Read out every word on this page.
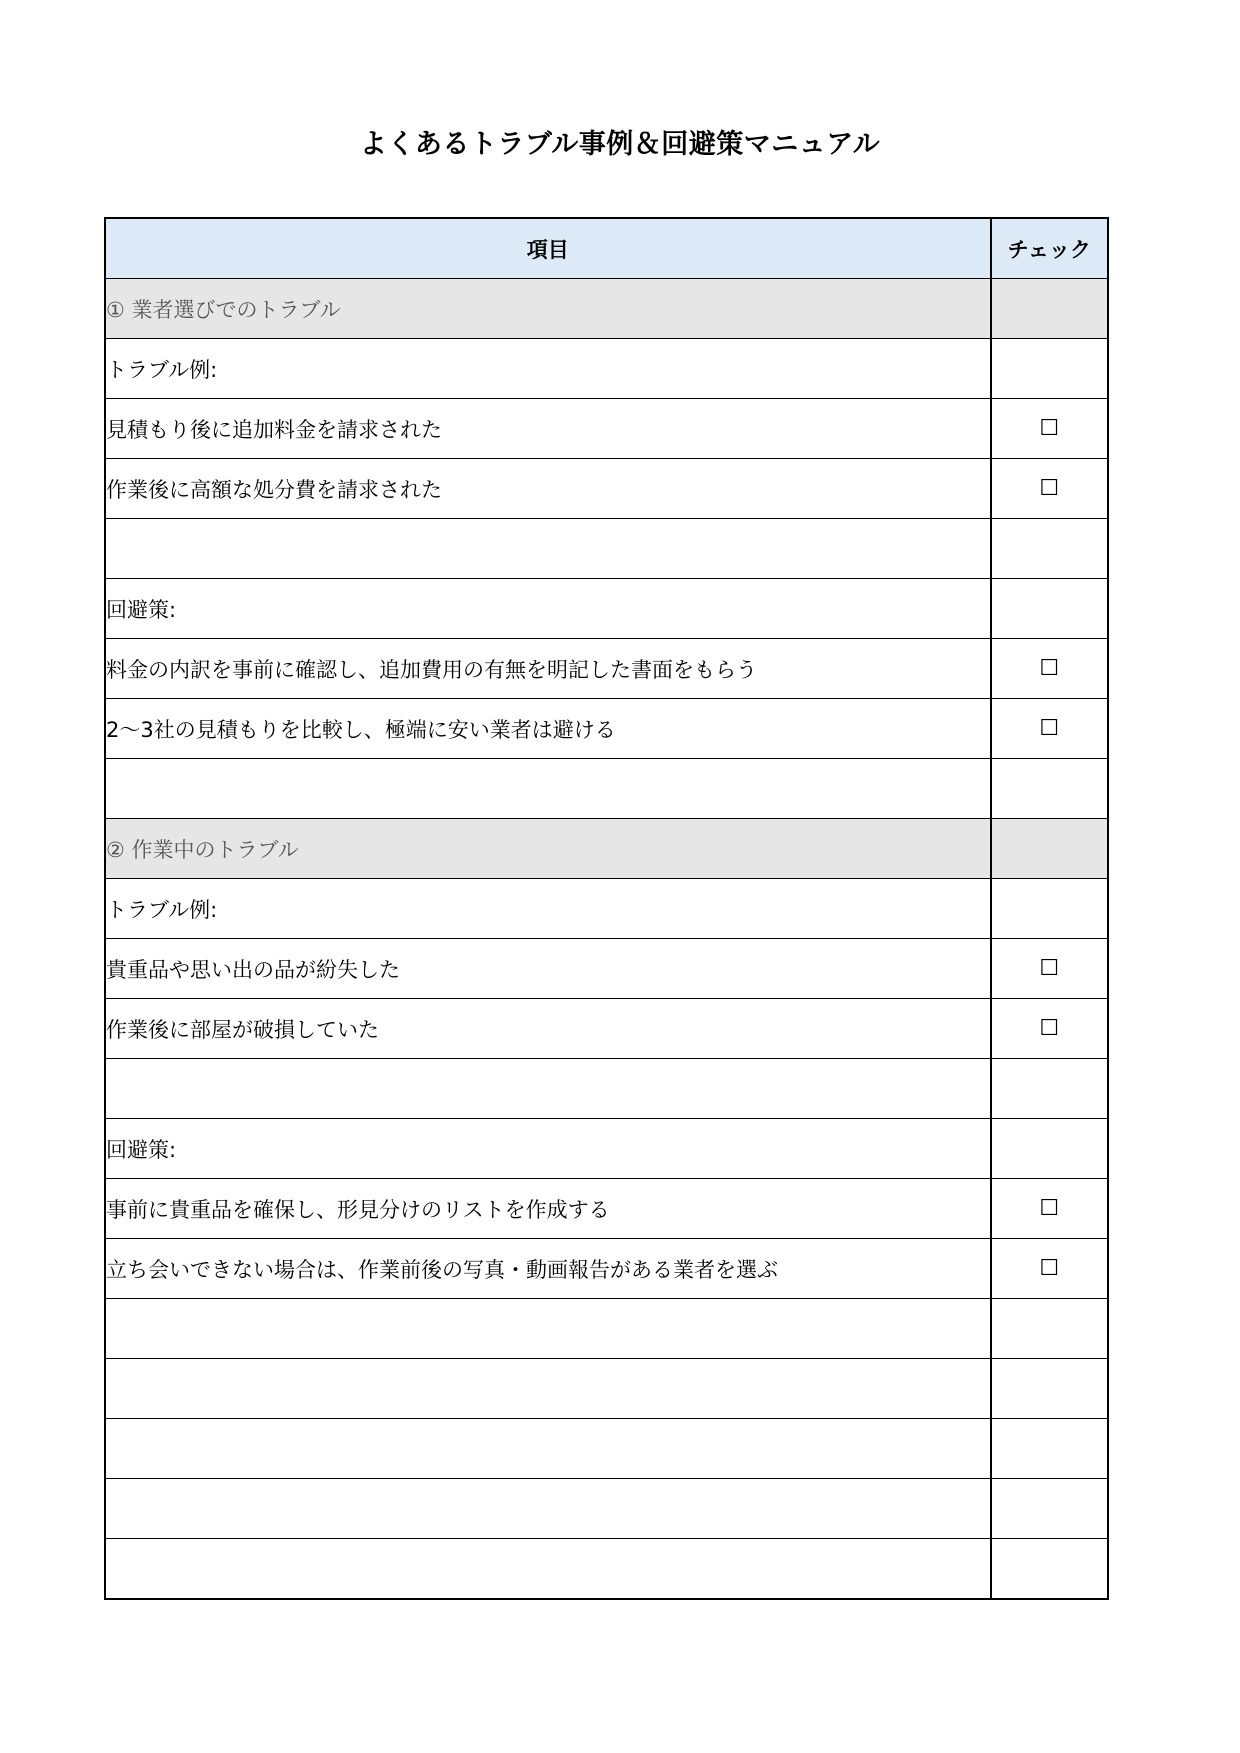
よくあるトラブル事例＆回避策マニュアル
項目	チェック
① 業者選びでのトラブル	
トラブル例:	
見積もり後に追加料金を請求された	☐
作業後に高額な処分費を請求された	☐

回避策:	
料金の内訳を事前に確認し、追加費用の有無を明記した書面をもらう	☐
2〜3社の見積もりを比較し、極端に安い業者は避ける	☐

② 作業中のトラブル	
トラブル例:	
貴重品や思い出の品が紛失した	☐
作業後に部屋が破損していた	☐

回避策:	
事前に貴重品を確保し、形見分けのリストを作成する	☐
立ち会いできない場合は、作業前後の写真・動画報告がある業者を選ぶ	☐
